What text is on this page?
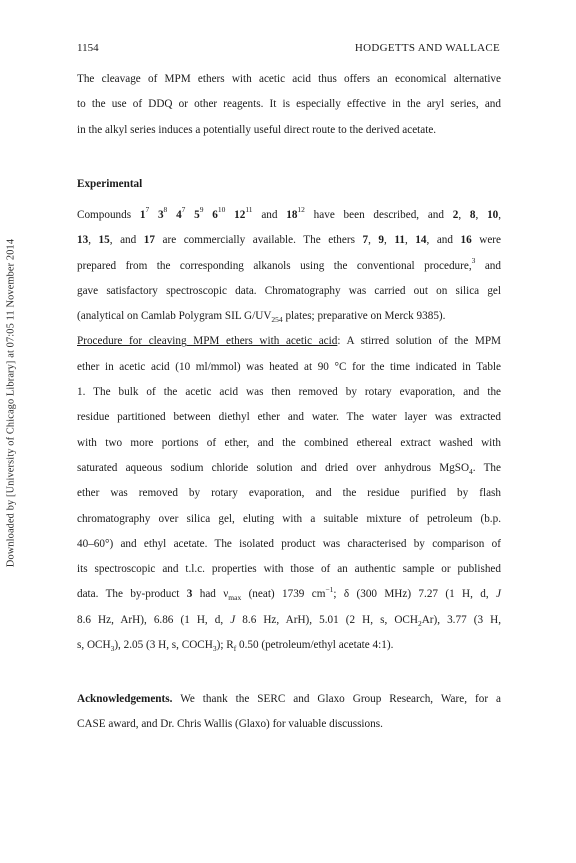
Downloaded by [University of Chicago Library] at 07:05 11 November 2014
1154	HODGETTS AND WALLACE

The cleavage of MPM ethers with acetic acid thus offers an economical alternative
to the use of DDQ or other reagents. It is especially effective in the aryl series, and
in the alkyl series induces a potentially useful direct route to the derived acetate.

Experimental

Compounds $1^7$ $3^8$ $4^7$ $5^9$ $6^{10}$ $12^{11}$ and $18^{12}$ have been described, and 2, 8, 10,
13, 15, and 17 are commercially available. The ethers 7, 9, 11, 14, and 16 were
prepared from the corresponding alkanols using the conventional procedure,$^3$ and
gave satisfactory spectroscopic data. Chromatography was carried out on silica gel
(analytical on Camlab Polygram SIL $G/UV_{254}$ plates; preparative on Merck 9385).
Procedure for cleaving MPM ethers with acetic acid: A stirred solution of the MPM
ether in acetic acid (10 ml/mmol) was heated at 90 °C for the time indicated in Table
1. The bulk of the acetic acid was then removed by rotary evaporation, and the
residue partitioned between diethyl ether and water. The water layer was extracted
with two more portions of ether, and the combined ethereal extract washed with
saturated aqueous sodium chloride solution and dried over anhydrous MgSO$_4$. The
ether was removed by rotary evaporation, and the residue purified by flash
chromatography over silica gel, eluting with a suitable mixture of petroleum (b.p.
40–60°) and ethyl acetate. The isolated product was characterised by comparison of
its spectroscopic and t.l.c. properties with those of an authentic sample or published
data. The by-product 3 had $\nu_{max}$ (neat) 1739 $cm^{-1}$; δ (300 MHz) 7.27 (1 H, d, J
8.6 Hz, ArH), 6.86 (1 H, d, J 8.6 Hz, ArH), 5.01 (2 H, s, $OCH_2Ar$), 3.77 (3 H,
s, $OCH_3$), 2.05 (3 H, s, $COCH_3$); $R_f$ 0.50 (petroleum/ethyl acetate 4:1).

Acknowledgements. We thank the SERC and Glaxo Group Research, Ware, for a
CASE award, and Dr. Chris Wallis (Glaxo) for valuable discussions.
